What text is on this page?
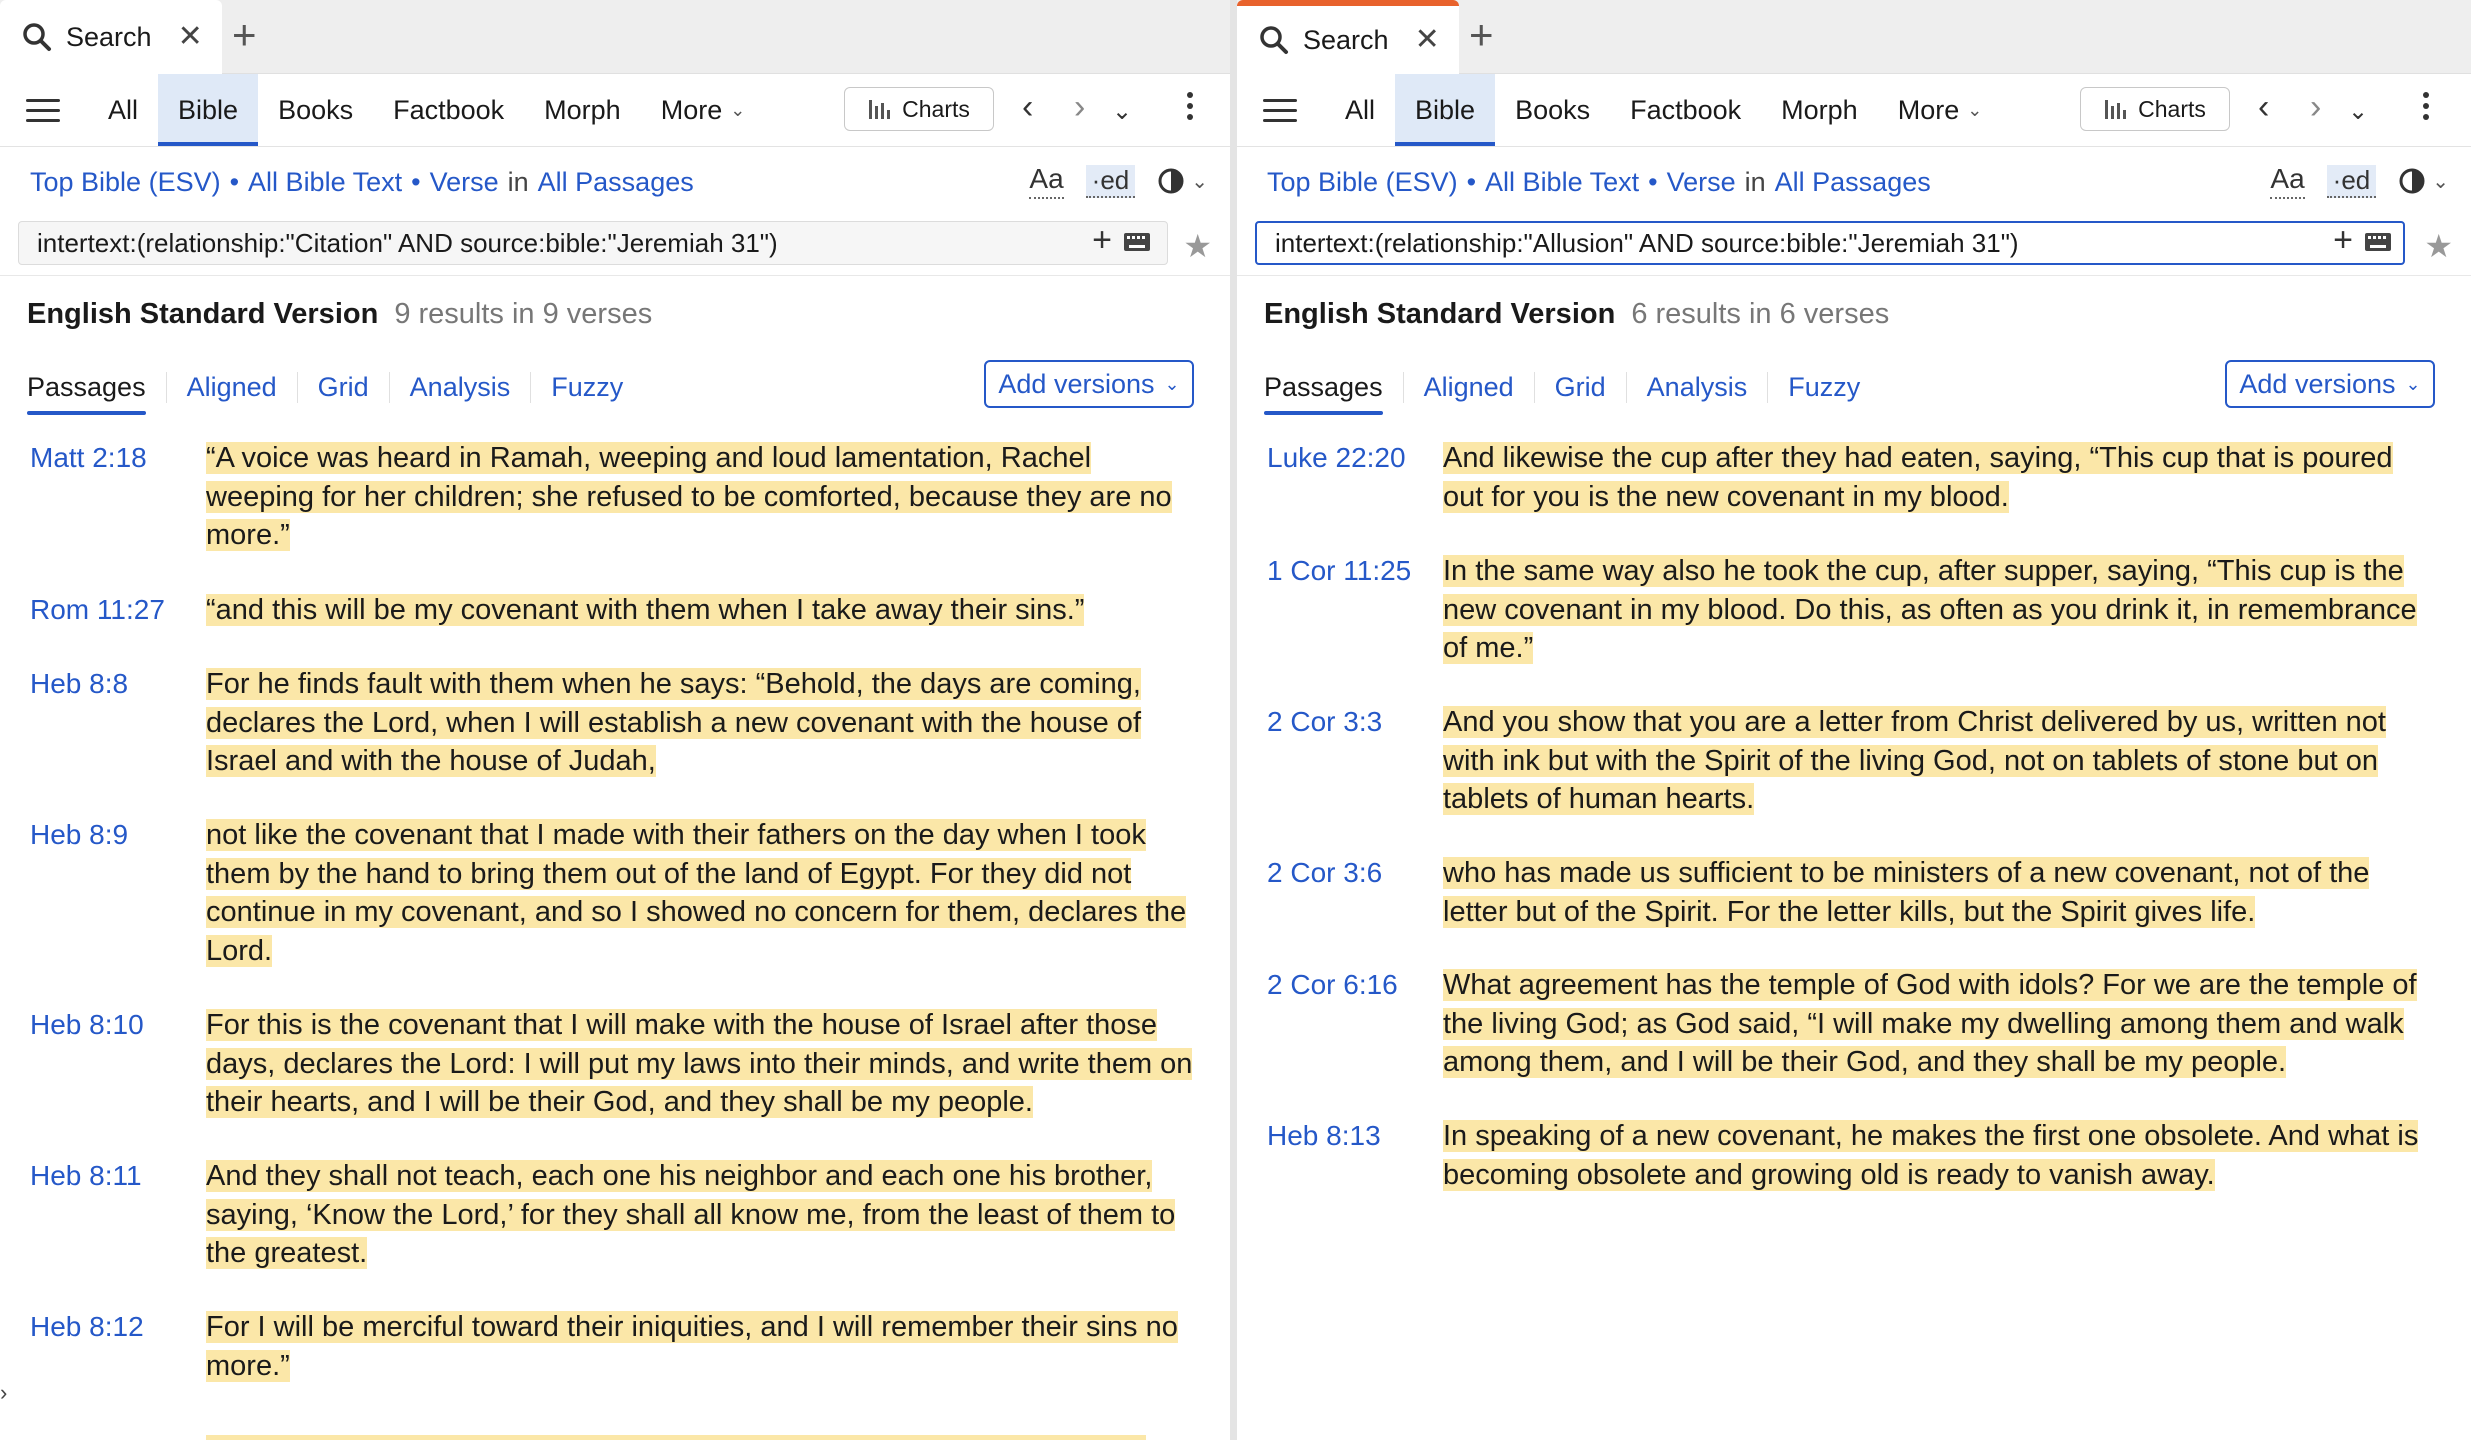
Search ✕ +
All	Bible	Books	Factbook	Morph	More ⌄	Charts ‹ › ⌄
Top Bible (ESV) • All Bible Text • Verse in All Passages	Aa ·ed	⌄
intertext:(relationship:"Citation" AND source:bible:"Jeremiah 31")	+ ★
English Standard Version 9 results in 9 verses
Passages	Aligned	Grid	Analysis	Fuzzy	Add versions ⌄
Matt 2:18	“A voice was heard in Ramah, weeping and loud lamentation, Rachel weeping for her children; she refused to be comforted, because they are no more.”
Rom 11:27	“and this will be my covenant with them when I take away their sins.”
Heb 8:8	For he finds fault with them when he says: “Behold, the days are coming, declares the Lord, when I will establish a new covenant with the house of Israel and with the house of Judah,
Heb 8:9	not like the covenant that I made with their fathers on the day when I took them by the hand to bring them out of the land of Egypt. For they did not continue in my covenant, and so I showed no concern for them, declares the Lord.
Heb 8:10	For this is the covenant that I will make with the house of Israel after those days, declares the Lord: I will put my laws into their minds, and write them on their hearts, and I will be their God, and they shall be my people.
Heb 8:11	And they shall not teach, each one his neighbor and each one his brother, saying, ‘Know the Lord,’ for they shall all know me, from the least of them to the greatest.
Heb 8:12	For I will be merciful toward their iniquities, and I will remember their sins no more.”
›
Search ✕ +
All	Bible	Books	Factbook	Morph	More ⌄	Charts ‹ › ⌄
Top Bible (ESV) • All Bible Text • Verse in All Passages	Aa ·ed	⌄
intertext:(relationship:"Allusion" AND source:bible:"Jeremiah 31")	+ ★
English Standard Version 6 results in 6 verses
Passages	Aligned	Grid	Analysis	Fuzzy	Add versions ⌄
Luke 22:20	And likewise the cup after they had eaten, saying, “This cup that is poured out for you is the new covenant in my blood.
1 Cor 11:25	In the same way also he took the cup, after supper, saying, “This cup is the new covenant in my blood. Do this, as often as you drink it, in remembrance of me.”
2 Cor 3:3	And you show that you are a letter from Christ delivered by us, written not with ink but with the Spirit of the living God, not on tablets of stone but on tablets of human hearts.
2 Cor 3:6	who has made us sufficient to be ministers of a new covenant, not of the letter but of the Spirit. For the letter kills, but the Spirit gives life.
2 Cor 6:16	What agreement has the temple of God with idols? For we are the temple of the living God; as God said, “I will make my dwelling among them and walk among them, and I will be their God, and they shall be my people.
Heb 8:13	In speaking of a new covenant, he makes the first one obsolete. And what is becoming obsolete and growing old is ready to vanish away.
